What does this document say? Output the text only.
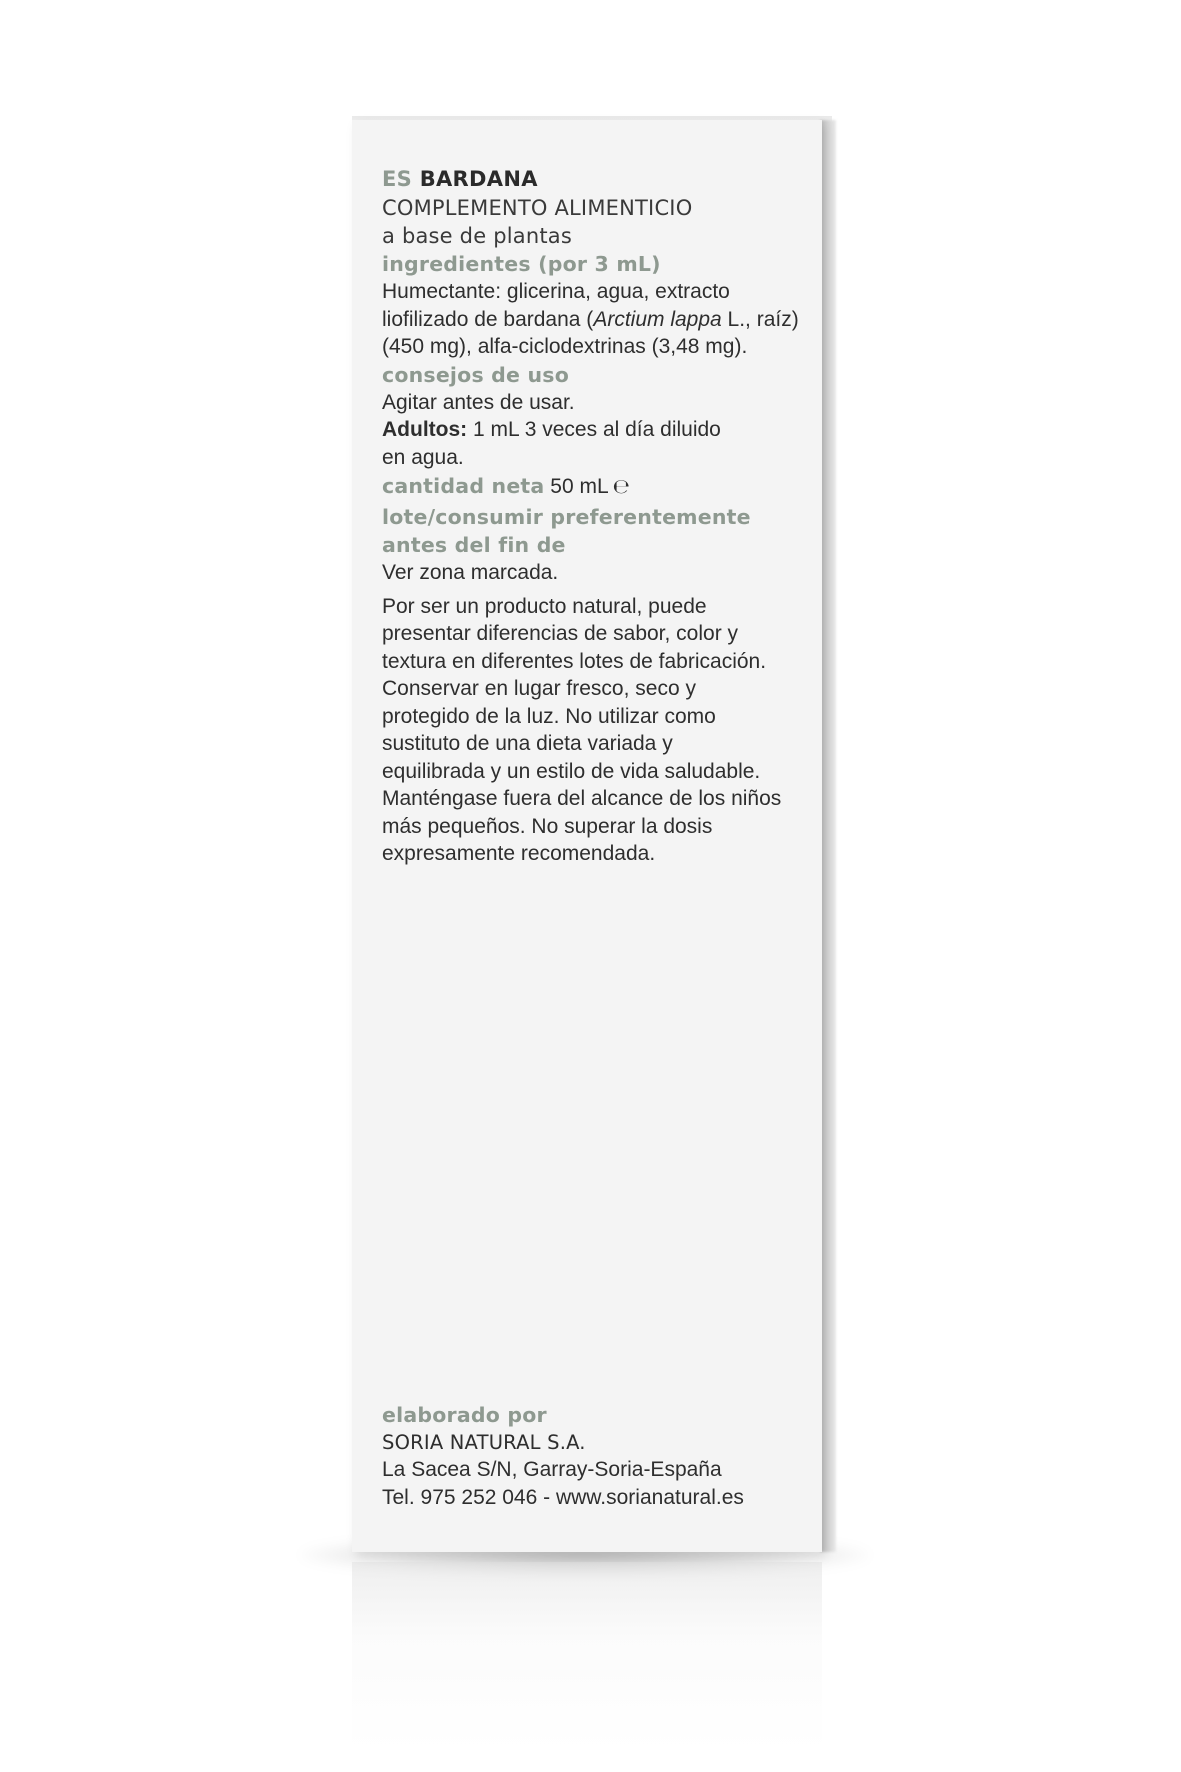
ES BARDANA
COMPLEMENTO ALIMENTICIO
a base de plantas
ingredientes (por 3 mL)
Humectante: glicerina, agua, extracto
liofilizado de bardana (Arctium lappa L., raíz)
(450 mg), alfa-ciclodextrinas (3,48 mg).
consejos de uso
Agitar antes de usar.
Adultos: 1 mL 3 veces al día diluido
en agua.
cantidad neta 50 mL ℮
lote/consumir preferentemente
antes del fin de
Ver zona marcada.
Por ser un producto natural, puede
presentar diferencias de sabor, color y
textura en diferentes lotes de fabricación.
Conservar en lugar fresco, seco y
protegido de la luz. No utilizar como
sustituto de una dieta variada y
equilibrada y un estilo de vida saludable.
Manténgase fuera del alcance de los niños
más pequeños. No superar la dosis
expresamente recomendada.
elaborado por
SORIA NATURAL S.A.
La Sacea S/N, Garray-Soria-España
Tel. 975 252 046 - www.sorianatural.es
